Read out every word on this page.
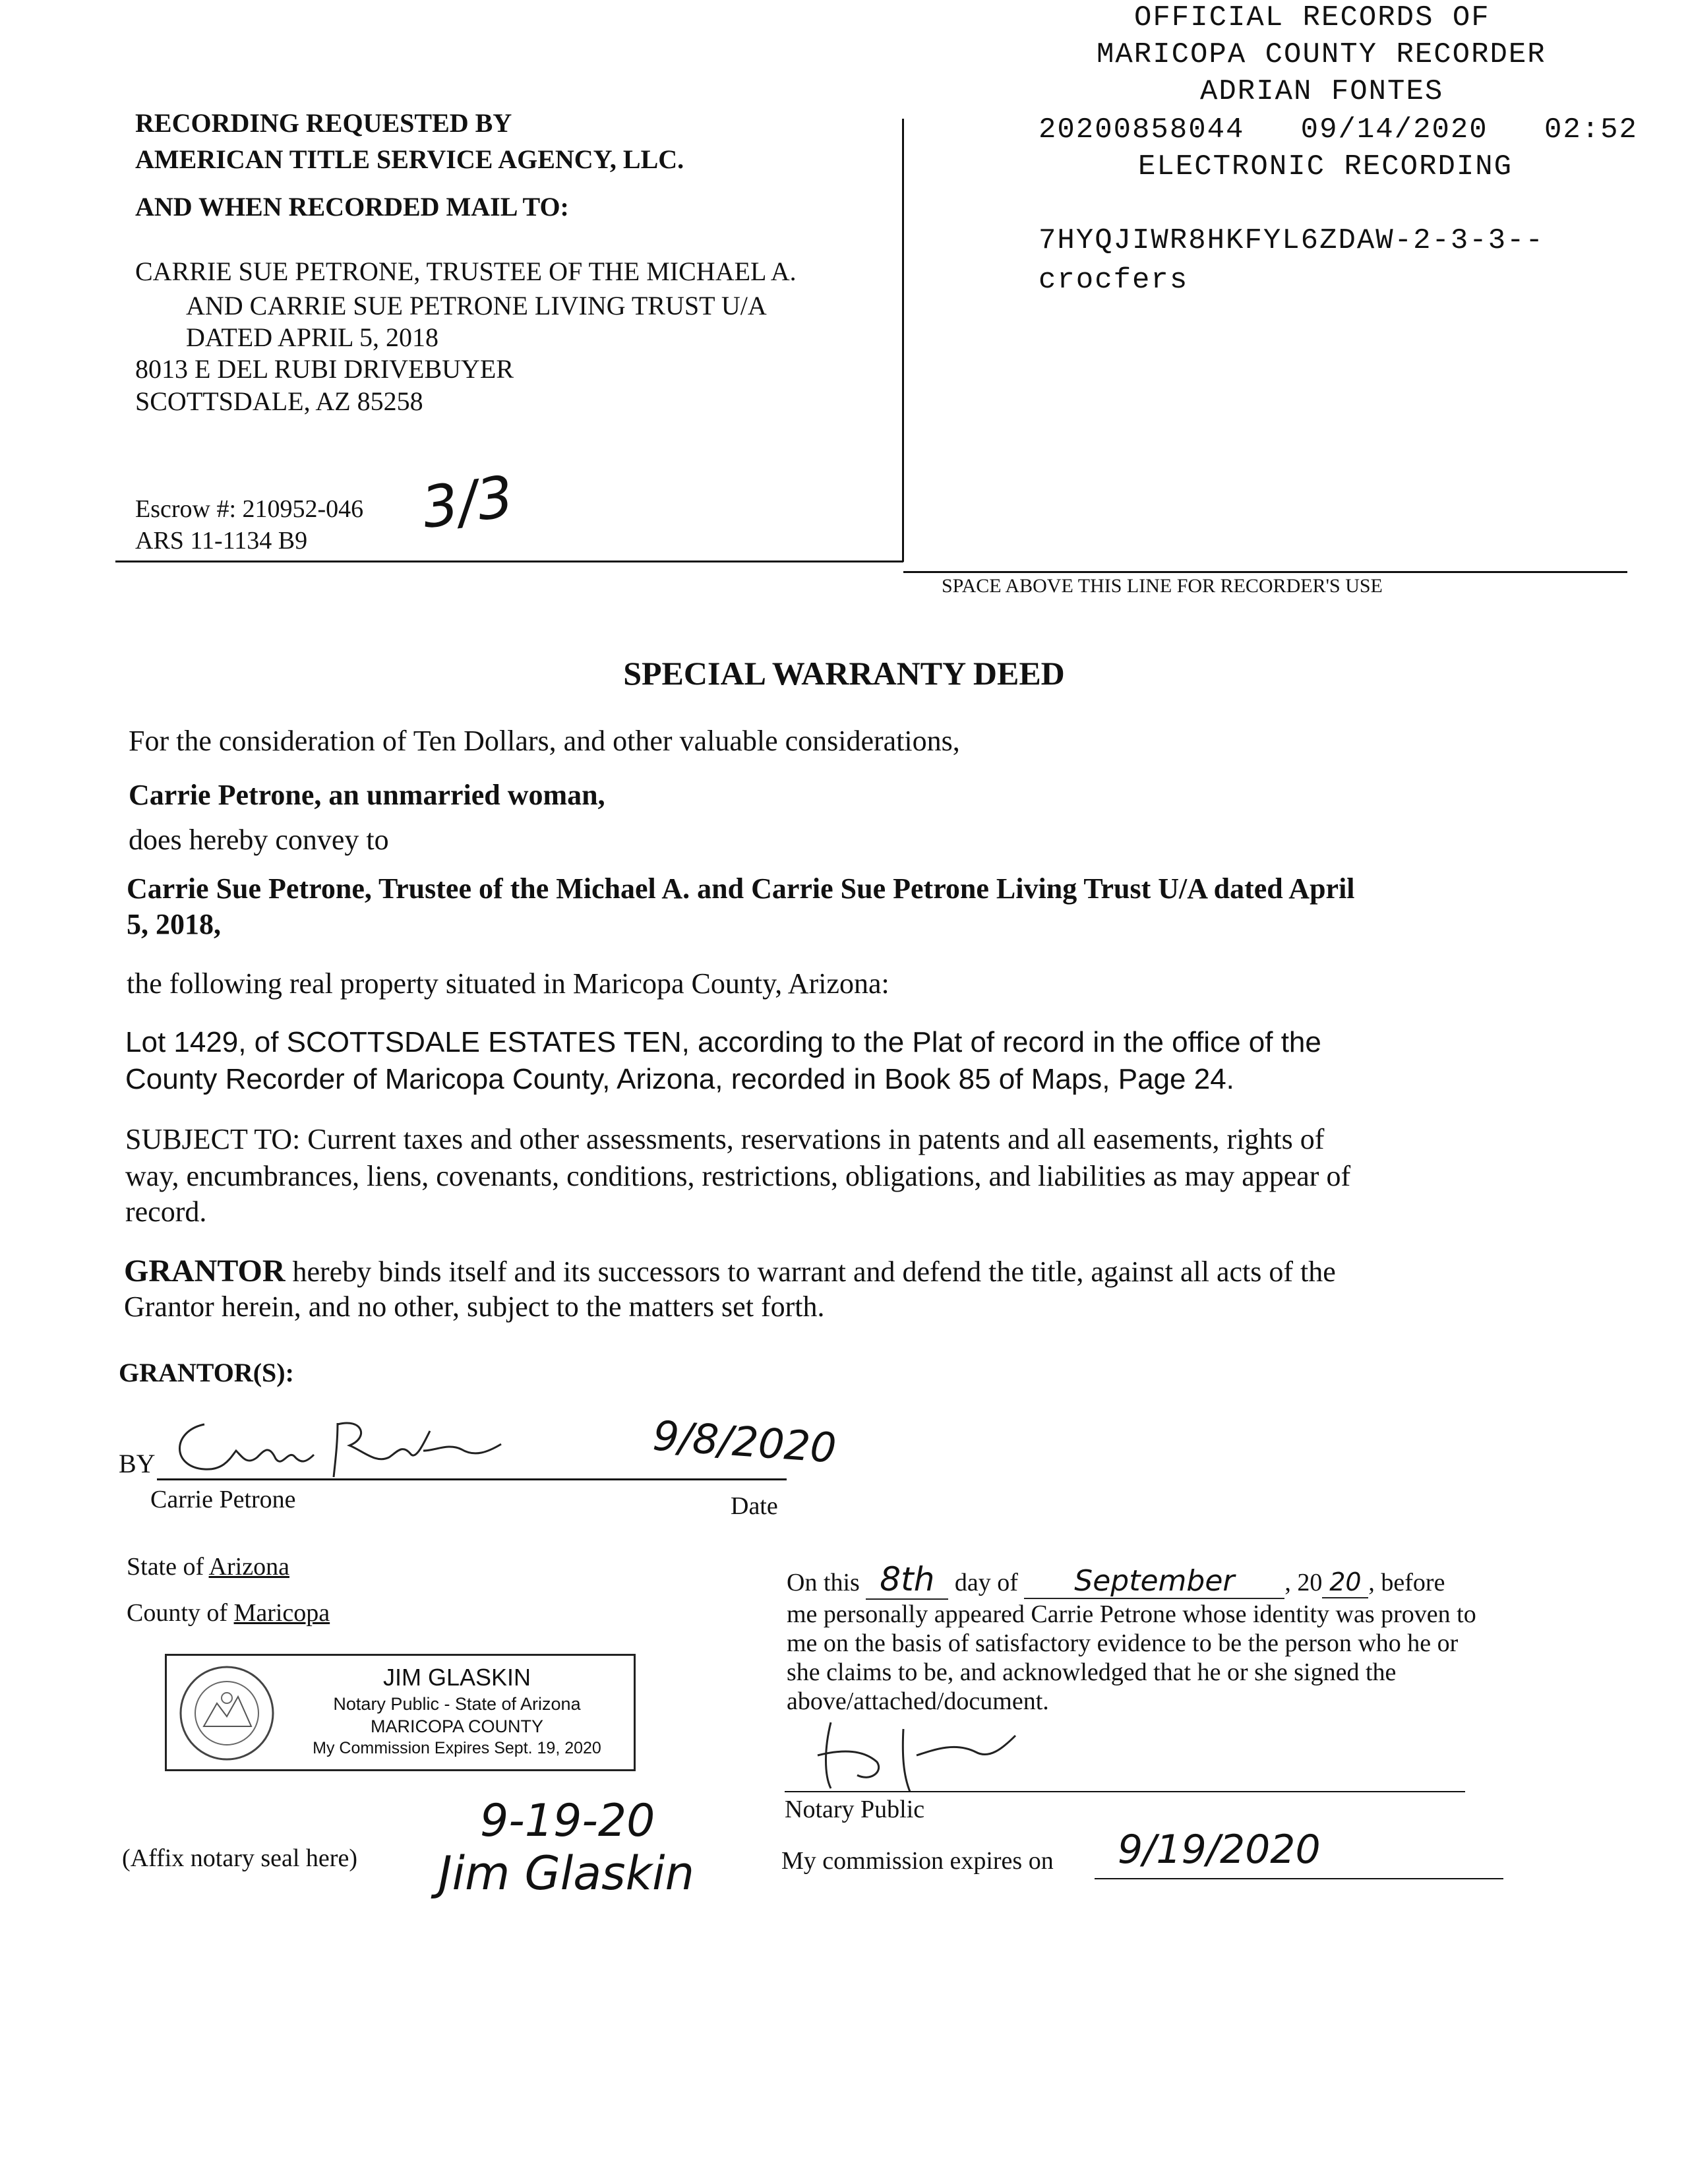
OFFICIAL RECORDS OF
MARICOPA COUNTY RECORDER
ADRIAN FONTES
20200858044 09/14/2020 02:52
ELECTRONIC RECORDING
7HYQJIWR8HKFYL6ZDAW-2-3-3--
crocfers
RECORDING REQUESTED BY
AMERICAN TITLE SERVICE AGENCY, LLC.
AND WHEN RECORDED MAIL TO:
CARRIE SUE PETRONE, TRUSTEE OF THE MICHAEL A.
AND CARRIE SUE PETRONE LIVING TRUST U/A
DATED APRIL 5, 2018
8013 E DEL RUBI DRIVEBUYER
SCOTTSDALE, AZ 85258
Escrow #: 210952-046
ARS 11-1134 B9 3/3
SPACE ABOVE THIS LINE FOR RECORDER'S USE
SPECIAL WARRANTY DEED
For the consideration of Ten Dollars, and other valuable considerations,
Carrie Petrone, an unmarried woman,
does hereby convey to
Carrie Sue Petrone, Trustee of the Michael A. and Carrie Sue Petrone Living Trust U/A dated April
5, 2018,
the following real property situated in Maricopa County, Arizona:
Lot 1429, of SCOTTSDALE ESTATES TEN, according to the Plat of record in the office of the
County Recorder of Maricopa County, Arizona, recorded in Book 85 of Maps, Page 24.
SUBJECT TO: Current taxes and other assessments, reservations in patents and all easements, rights of
way, encumbrances, liens, covenants, conditions, restrictions, obligations, and liabilities as may appear of
record.
GRANTOR hereby binds itself and its successors to warrant and defend the title, against all acts of the
Grantor herein, and no other, subject to the matters set forth.
GRANTOR(S):
BY	9/8/2020
Carrie Petrone	Date
State of Arizona
County of Maricopa
JIM GLASKIN
Notary Public - State of Arizona
MARICOPA COUNTY
My Commission Expires Sept. 19, 2020
(Affix notary seal here)
9-19-20
Jim Glaskin
On this 8th day of September , 20 20 , before
me personally appeared Carrie Petrone whose identity was proven to
me on the basis of satisfactory evidence to be the person who he or
she claims to be, and acknowledged that he or she signed the
above/attached/document.
Notary Public
My commission expires on 9/19/2020
